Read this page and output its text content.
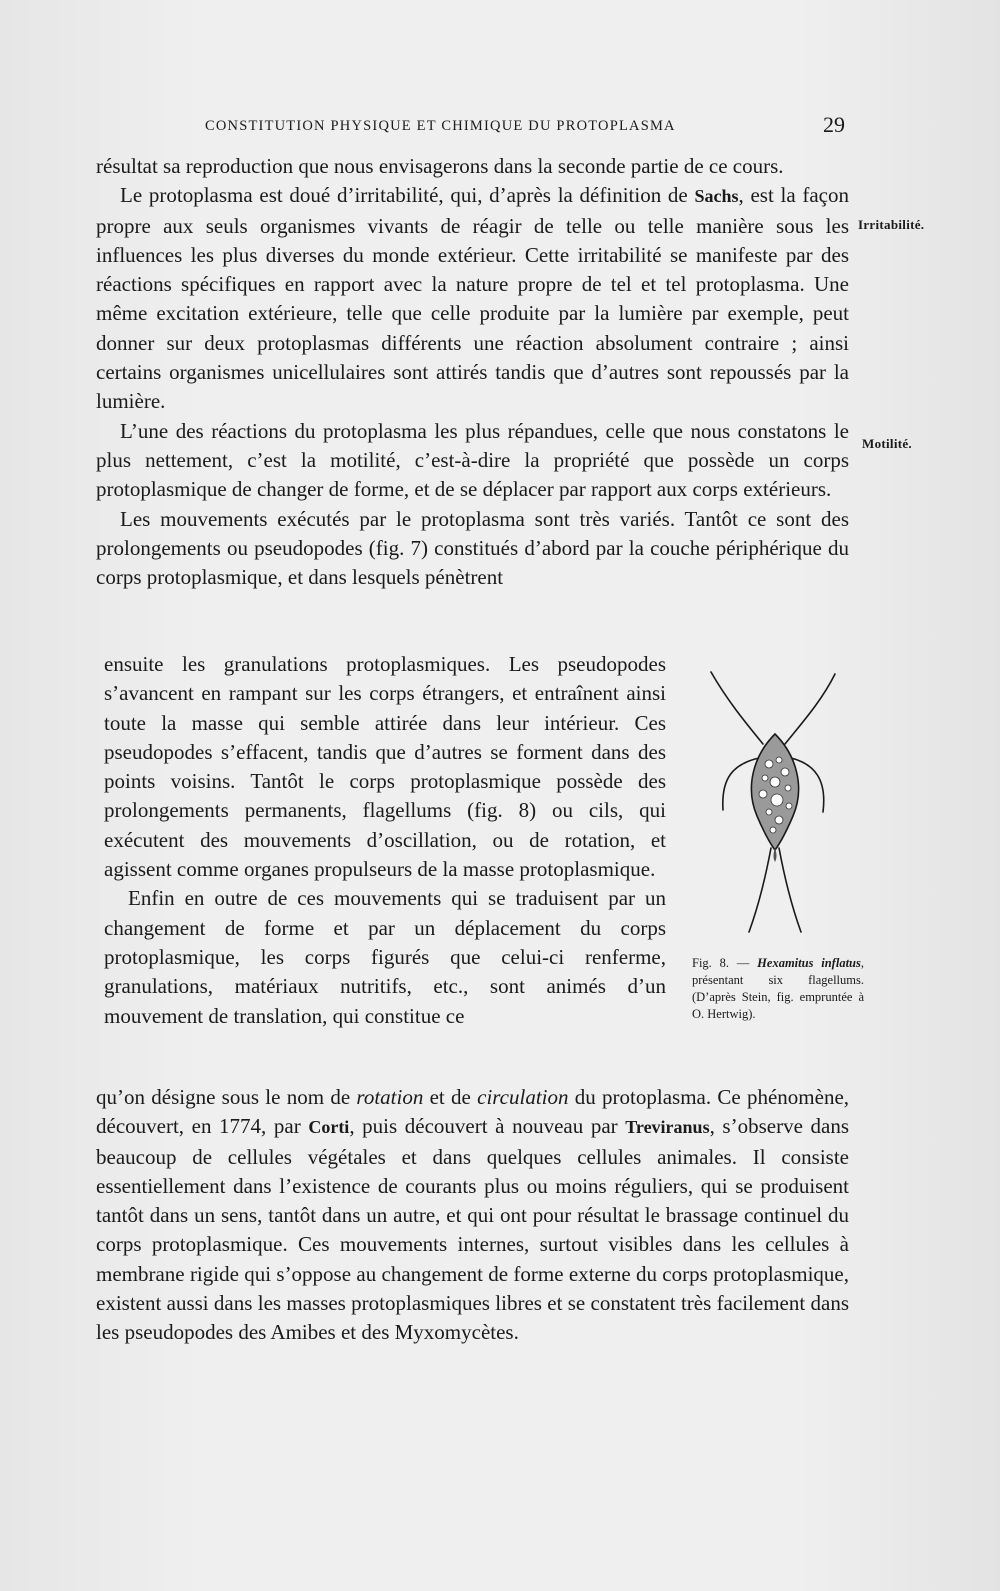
CONSTITUTION PHYSIQUE ET CHIMIQUE DU PROTOPLASMA	29
Irritabilité.
Motilité.

résultat sa reproduction que nous envisagerons dans la seconde partie de ce cours.

Le protoplasma est doué d’irritabilité, qui, d’après la définition de Sachs, est la façon propre aux seuls organismes vivants de réagir de telle ou telle manière sous les influences les plus diverses du monde extérieur. Cette irritabilité se manifeste par des réactions spécifiques en rapport avec la nature propre de tel et tel protoplasma. Une même excitation extérieure, telle que celle produite par la lumière par exemple, peut donner sur deux protoplasmas différents une réaction absolument contraire ; ainsi certains organismes unicellulaires sont attirés tandis que d’autres sont repoussés par la lumière.

L’une des réactions du protoplasma les plus répandues, celle que nous constatons le plus nettement, c’est la motilité, c’est-à-dire la propriété que possède un corps protoplasmique de changer de forme, et de se déplacer par rapport aux corps extérieurs.

Les mouvements exécutés par le protoplasma sont très variés. Tantôt ce sont des prolongements ou pseudopodes (fig. 7) constitués d’abord par la couche périphérique du corps protoplasmique, et dans lesquels pénètrent

ensuite les granulations protoplasmiques. Les pseudopodes s’avancent en rampant sur les corps étrangers, et entraînent ainsi toute la masse qui semble attirée dans leur intérieur. Ces pseudopodes s’effacent, tandis que d’autres se forment dans des points voisins. Tantôt le corps protoplasmique possède des prolongements permanents, flagellums (fig. 8) ou cils, qui exécutent des mouvements d’oscillation, ou de rotation, et agissent comme organes propulseurs de la masse protoplasmique.

Enfin en outre de ces mouvements qui se traduisent par un changement de forme et par un déplacement du corps protoplasmique, les corps figurés que celui-ci renferme, granulations, matériaux nutritifs, etc., sont animés d’un mouvement de translation, qui constitue ce

qu’on désigne sous le nom de rotation et de circulation du protoplasma. Ce phénomène, découvert, en 1774, par Corti, puis découvert à nouveau par Treviranus, s’observe dans beaucoup de cellules végétales et dans quelques cellules animales. Il consiste essentiellement dans l’existence de courants plus ou moins réguliers, qui se produisent tantôt dans un sens, tantôt dans un autre, et qui ont pour résultat le brassage continuel du corps protoplasmique. Ces mouvements internes, surtout visibles dans les cellules à membrane rigide qui s’oppose au changement de forme externe du corps protoplasmique, existent aussi dans les masses protoplasmiques libres et se constatent très facilement dans les pseudopodes des Amibes et des Myxomycètes.

Fig. 8. — Hexamitus inflatus, présentant six flagellums. (D’après Stein, fig. empruntée à O. Hertwig).
